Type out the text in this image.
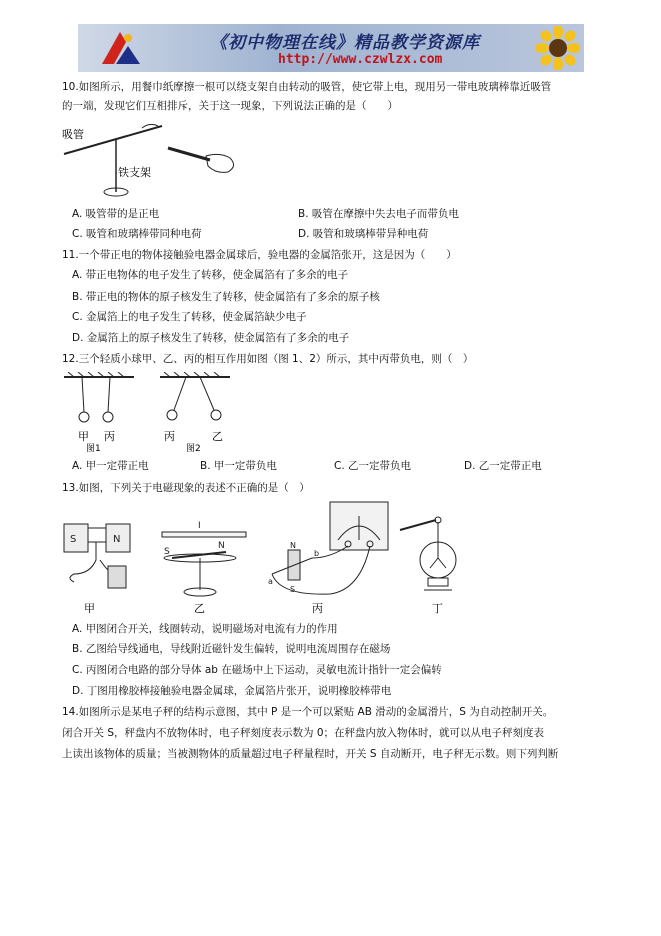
《初中物理在线》精品教学资源库
http://www.czwlzx.com
10.如图所示，用餐巾纸摩擦一根可以绕支架自由转动的吸管，使它带上电，现用另一带电玻璃棒靠近吸管
的一端，发现它们互相排斥，关于这一现象，下列说法正确的是（　　）
吸管
铁支架
A. 吸管带的是正电	B. 吸管在摩擦中失去电子而带负电
C. 吸管和玻璃棒带同种电荷	D. 吸管和玻璃棒带异种电荷
11.一个带正电的物体接触验电器金属球后，验电器的金属箔张开，这是因为（　　）
A. 带正电物体的电子发生了转移，使金属箔有了多余的电子
B. 带正电的物体的原子核发生了转移，使金属箔有了多余的原子核
C. 金属箔上的电子发生了转移，使金属箔缺少电子
D. 金属箔上的原子核发生了转移，使金属箔有了多余的电子
12.三个轻质小球甲、乙、丙的相互作用如图（图 1、2）所示，其中丙带负电，则（　）
甲 丙
图1
丙	乙
图2
A. 甲一定带正电	B. 甲一定带负电	C. 乙一定带负电	D. 乙一定带正电
13.如图，下列关于电磁现象的表述不正确的是（　）
S	N
I
S
N	N
S
a
b
甲	乙	丙	丁
A. 甲图闭合开关，线圈转动，说明磁场对电流有力的作用
B. 乙图给导线通电，导线附近磁针发生偏转，说明电流周围存在磁场
C. 丙图闭合电路的部分导体 ab 在磁场中上下运动，灵敏电流计指针一定会偏转
D. 丁图用橡胶棒接触验电器金属球，金属箔片张开，说明橡胶棒带电
14.如图所示是某电子秤的结构示意图，其中 P 是一个可以紧贴 AB 滑动的金属滑片，S 为自动控制开关。
闭合开关 S，秤盘内不放物体时，电子秤刻度表示数为 0；在秤盘内放入物体时，就可以从电子秤刻度表
上读出该物体的质量；当被测物体的质量超过电子秤量程时，开关 S 自动断开，电子秤无示数。则下列判断
